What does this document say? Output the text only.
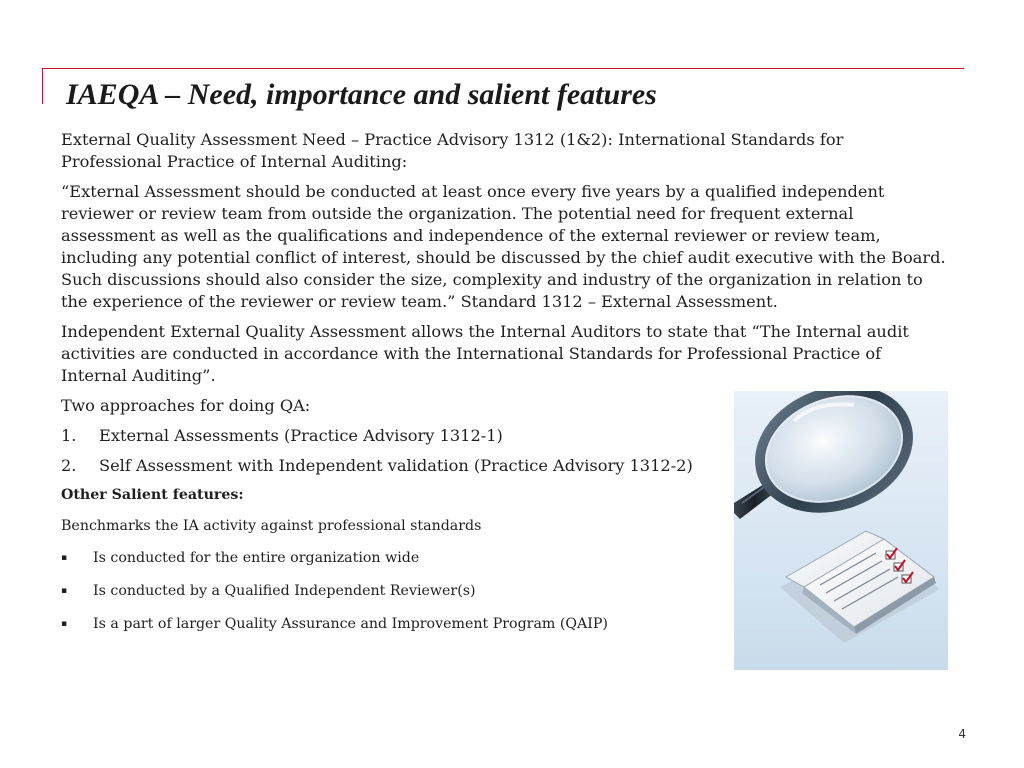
IAEQA – Need, importance and salient features

External Quality Assessment Need – Practice Advisory 1312 (1&2): International Standards for Professional Practice of Internal Auditing:

“External Assessment should be conducted at least once every five years by a qualified independent reviewer or review team from outside the organization. The potential need for frequent external assessment as well as the qualifications and independence of the external reviewer or review team, including any potential conflict of interest, should be discussed by the chief audit executive with the Board. Such discussions should also consider the size, complexity and industry of the organization in relation to the experience of the reviewer or review team.” Standard 1312 – External Assessment.

Independent External Quality Assessment allows the Internal Auditors to state that “The Internal audit activities are conducted in accordance with the International Standards for Professional Practice of Internal Auditing”.

Two approaches for doing QA:

1.	External Assessments (Practice Advisory 1312-1)
2.	Self Assessment with Independent validation (Practice Advisory 1312-2)
Other Salient features:
Benchmarks the IA activity against professional standards
▪	Is conducted for the entire organization wide
▪	Is conducted by a Qualified Independent Reviewer(s)
▪	Is a part of larger Quality Assurance and Improvement Program (QAIP)
4
